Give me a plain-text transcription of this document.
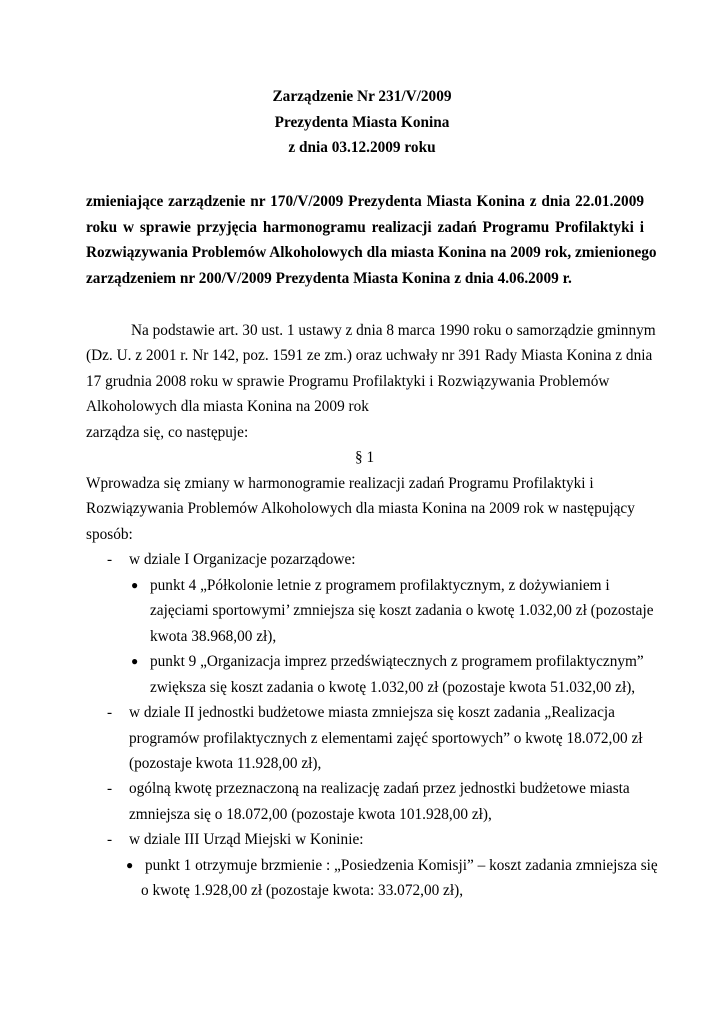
Zarządzenie Nr 231/V/2009
Prezydenta Miasta Konina
z dnia 03.12.2009 roku
zmieniające zarządzenie nr 170/V/2009 Prezydenta Miasta Konina z dnia 22.01.2009
roku w sprawie przyjęcia harmonogramu realizacji zadań Programu Profilaktyki i
Rozwiązywania Problemów Alkoholowych dla miasta Konina na 2009 rok, zmienionego
zarządzeniem nr 200/V/2009 Prezydenta Miasta Konina z dnia 4.06.2009 r.
Na podstawie art. 30 ust. 1 ustawy z dnia 8 marca 1990 roku o samorządzie gminnym
(Dz. U. z 2001 r. Nr 142, poz. 1591 ze zm.) oraz uchwały nr 391 Rady Miasta Konina z dnia
17 grudnia 2008 roku w sprawie Programu Profilaktyki i Rozwiązywania Problemów
Alkoholowych dla miasta Konina na 2009 rok
zarządza się, co następuje:
§ 1
Wprowadza się zmiany w harmonogramie realizacji zadań Programu Profilaktyki i
Rozwiązywania Problemów Alkoholowych dla miasta Konina na 2009 rok w następujący
sposób:
- w dziale I Organizacje pozarządowe:
● punkt 4 „Półkolonie letnie z programem profilaktycznym, z dożywianiem i
zajęciami sportowymi’ zmniejsza się koszt zadania o kwotę 1.032,00 zł (pozostaje
kwota 38.968,00 zł),
● punkt 9 „Organizacja imprez przedświątecznych z programem profilaktycznym”
zwiększa się koszt zadania o kwotę 1.032,00 zł (pozostaje kwota 51.032,00 zł),
- w dziale II jednostki budżetowe miasta zmniejsza się koszt zadania „Realizacja
programów profilaktycznych z elementami zajęć sportowych” o kwotę 18.072,00 zł
(pozostaje kwota 11.928,00 zł),
- ogólną kwotę przeznaczoną na realizację zadań przez jednostki budżetowe miasta
zmniejsza się o 18.072,00 (pozostaje kwota 101.928,00 zł),
- w dziale III Urząd Miejski w Koninie:
● punkt 1 otrzymuje brzmienie : „Posiedzenia Komisji” – koszt zadania zmniejsza się
o kwotę 1.928,00 zł (pozostaje kwota: 33.072,00 zł),
